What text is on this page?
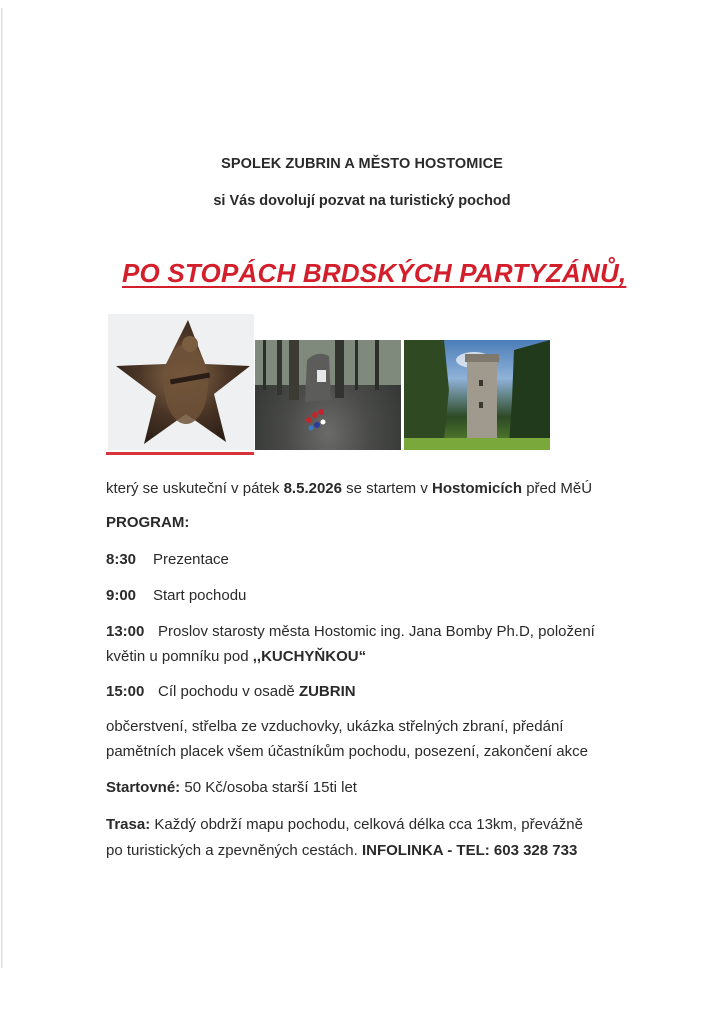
SPOLEK ZUBRIN A MĚSTO HOSTOMICE
si Vás dovolují pozvat na turistický pochod
PO STOPÁCH BRDSKÝCH PARTYZÁNŮ,
který se uskuteční v pátek 8.5.2026 se startem v Hostomicích před MěÚ
PROGRAM:
8:30 Prezentace
9:00 Start pochodu
13:00 Proslov starosty města Hostomic ing. Jana Bomby Ph.D, položení
květin u pomníku pod ,,KUCHYŇKOU“
15:00 Cíl pochodu v osadě ZUBRIN
občerstvení, střelba ze vzduchovky, ukázka střelných zbraní, předání
pamětních placek všem účastníkům pochodu, posezení, zakončení akce
Startovné: 50 Kč/osoba starší 15ti let
Trasa: Každý obdrží mapu pochodu, celková délka cca 13km, převážně
po turistických a zpevněných cestách. INFOLINKA - TEL: 603 328 733
